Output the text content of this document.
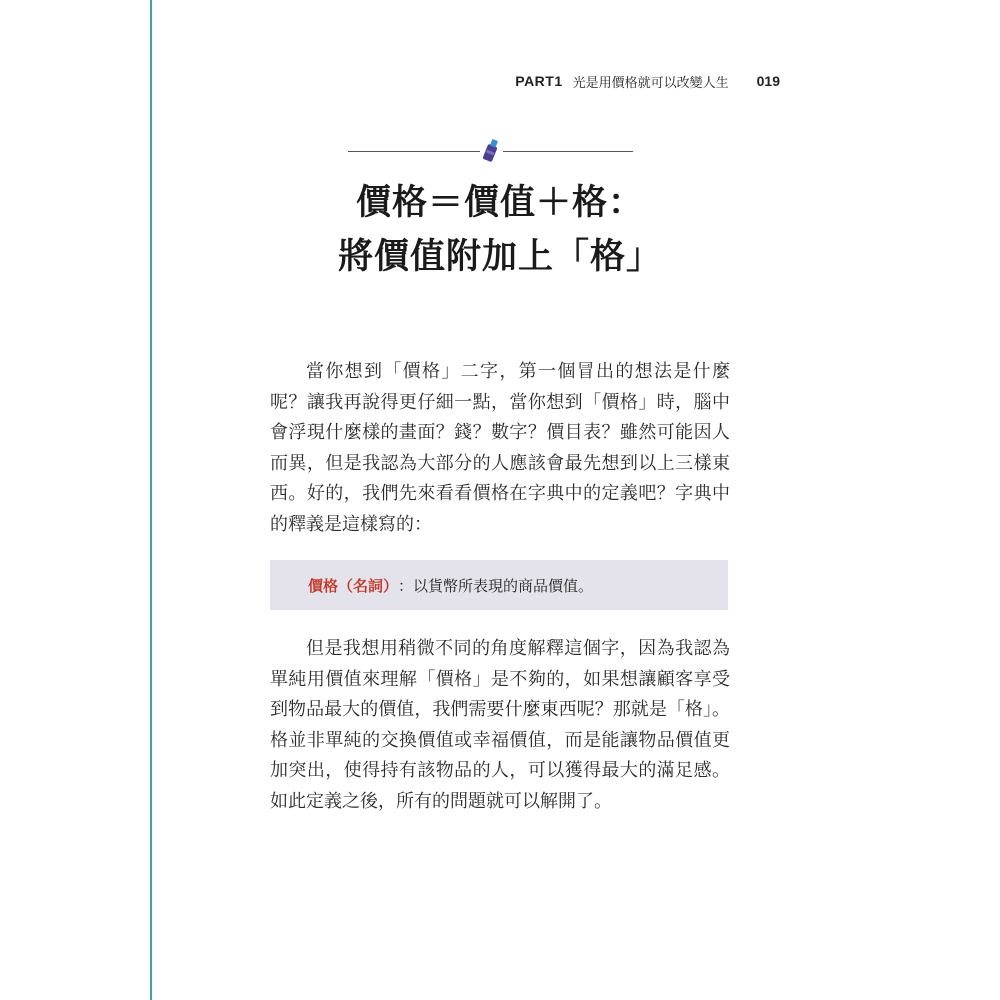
PART1 光是用價格就可以改變人生 019
價格＝價值＋格：
將價值附加上「格」

當你想到「價格」二字，第一個冒出的想法是什麼呢？讓我再說得更仔細一點，當你想到「價格」時，腦中會浮現什麼樣的畫面？錢？數字？價目表？雖然可能因人而異，但是我認為大部分的人應該會最先想到以上三樣東西。好的，我們先來看看價格在字典中的定義吧？字典中的釋義是這樣寫的：

價格（名詞） ：以貨幣所表現的商品價值。

但是我想用稍微不同的角度解釋這個字，因為我認為單純用價值來理解「價格」是不夠的，如果想讓顧客享受到物品最大的價值，我們需要什麼東西呢？那就是「格」。格並非單純的交換價值或幸福價值，而是能讓物品價值更加突出，使得持有該物品的人，可以獲得最大的滿足感。如此定義之後，所有的問題就可以解開了。
